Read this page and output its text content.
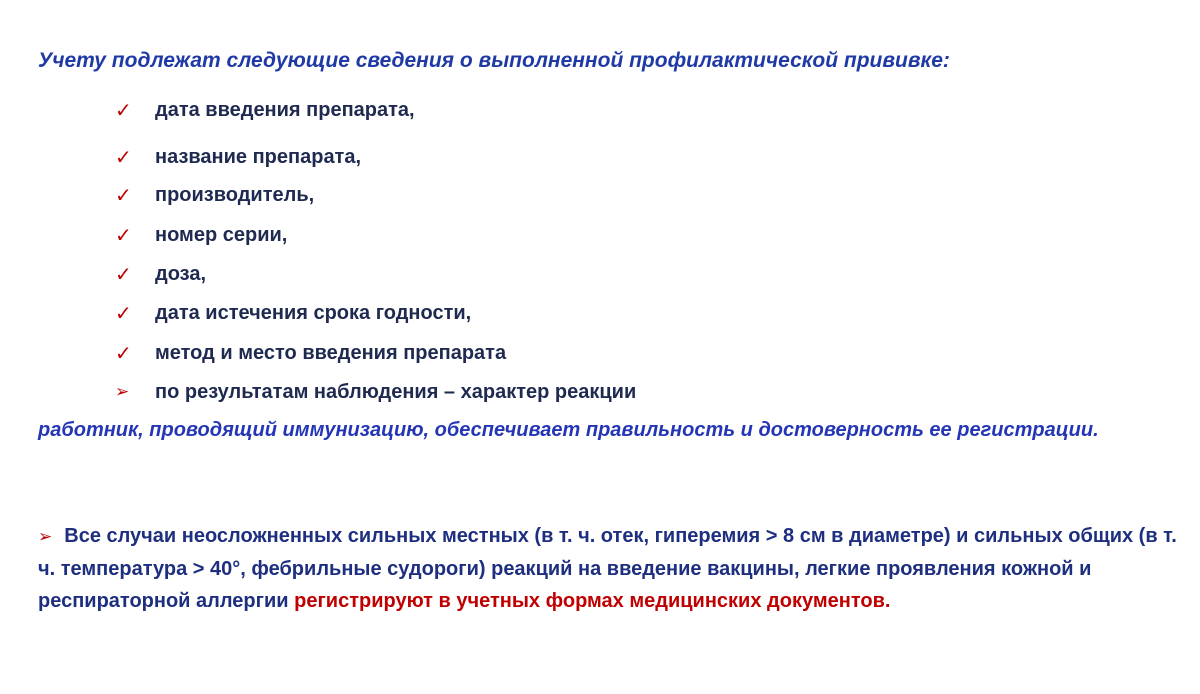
Учету подлежат следующие сведения о выполненной профилактической прививке:

✓	дата введения препарата,
✓	название препарата,
✓	производитель,
✓	номер серии,
✓	доза,
✓	дата истечения срока годности,
✓	метод и место введения препарата
➢	по результатам наблюдения – характер реакции

работник, проводящий иммунизацию, обеспечивает правильность и достоверность ее регистрации.

➢ Все случаи неосложненных сильных местных (в т. ч. отек, гиперемия > 8 см в диаметре) и сильных общих (в т. ч. температура > 40°, фебрильные судороги) реакций на введение вакцины, легкие проявления кожной и респираторной аллергии регистрируют в учетных формах медицинских документов.
